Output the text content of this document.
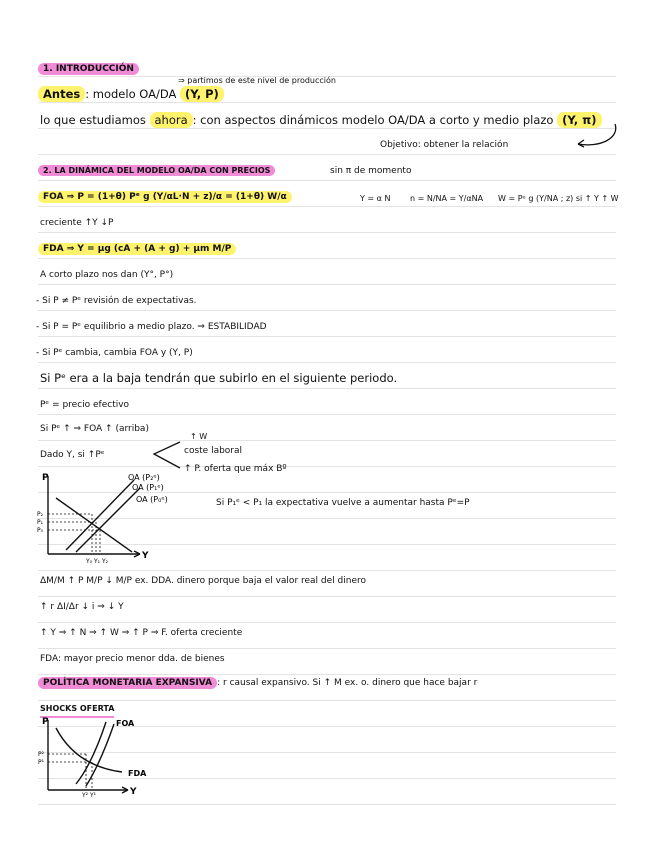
1. INTRODUCCIÓN
⇒ partimos de este nivel de producción
Antes : modelo OA/DA (Y, P)
lo que estudiamos ahora : con aspectos dinámicos modelo OA/DA a corto y medio plazo (Y, π)
Objetivo: obtener la relación
2. LA DINÁMICA DEL MODELO OA/DA CON PRECIOS	sin π de momento
FOA ⇒ P = (1+θ) Pᵉ g (Y/αL·N + z)/α = (1+θ) W/α	Y = α N n = N/NA = Y/αNA W = Pᵉ g (Y/NA ; z) si ↑ Y ↑ W
creciente ↑Y ↓P
FDA ⇒ Y = μg (cA + (A + g) + μm M/P
A corto plazo nos dan (Y°, P°)
- Si P ≠ Pᵉ revisión de expectativas.
- Si P = Pᵉ equilibrio a medio plazo. ⇒ ESTABILIDAD
- Si Pᵉ cambia, cambia FOA y (Y, P)
Si Pᵉ era a la baja tendrán que subirlo en el siguiente periodo.
Pᵉ = precio efectivo
Si Pᵉ ↑ ⇒ FOA ↑ (arriba)
Dado Y, si ↑Pᵉ
↑ W
coste laboral
↑ P. oferta que máx Bº
P
Y
OA (P₂ᵉ)
OA (P₁ᵉ)
OA (P₀ᵉ)
P₂
P₁
P₀
Y₀ Y₁ Y₂
Si P₁ᵉ < P₁ la expectativa vuelve a aumentar hasta Pᵉ=P
ΔM/M ↑ P M/P ↓ M/P ex. DDA. dinero porque baja el valor real del dinero
↑ r ΔI/Δr ↓ i ⇒ ↓ Y
↑ Y ⇒ ↑ N ⇒ ↑ W ⇒ ↑ P ⇒ F. oferta creciente
FDA: mayor precio menor dda. de bienes
POLÍTICA MONETARIA EXPANSIVA : r causal expansivo. Si ↑ M ex. o. dinero que hace bajar r
SHOCKS OFERTA
P
Y
FOA
FDA
P²
P¹
Y² Y¹
